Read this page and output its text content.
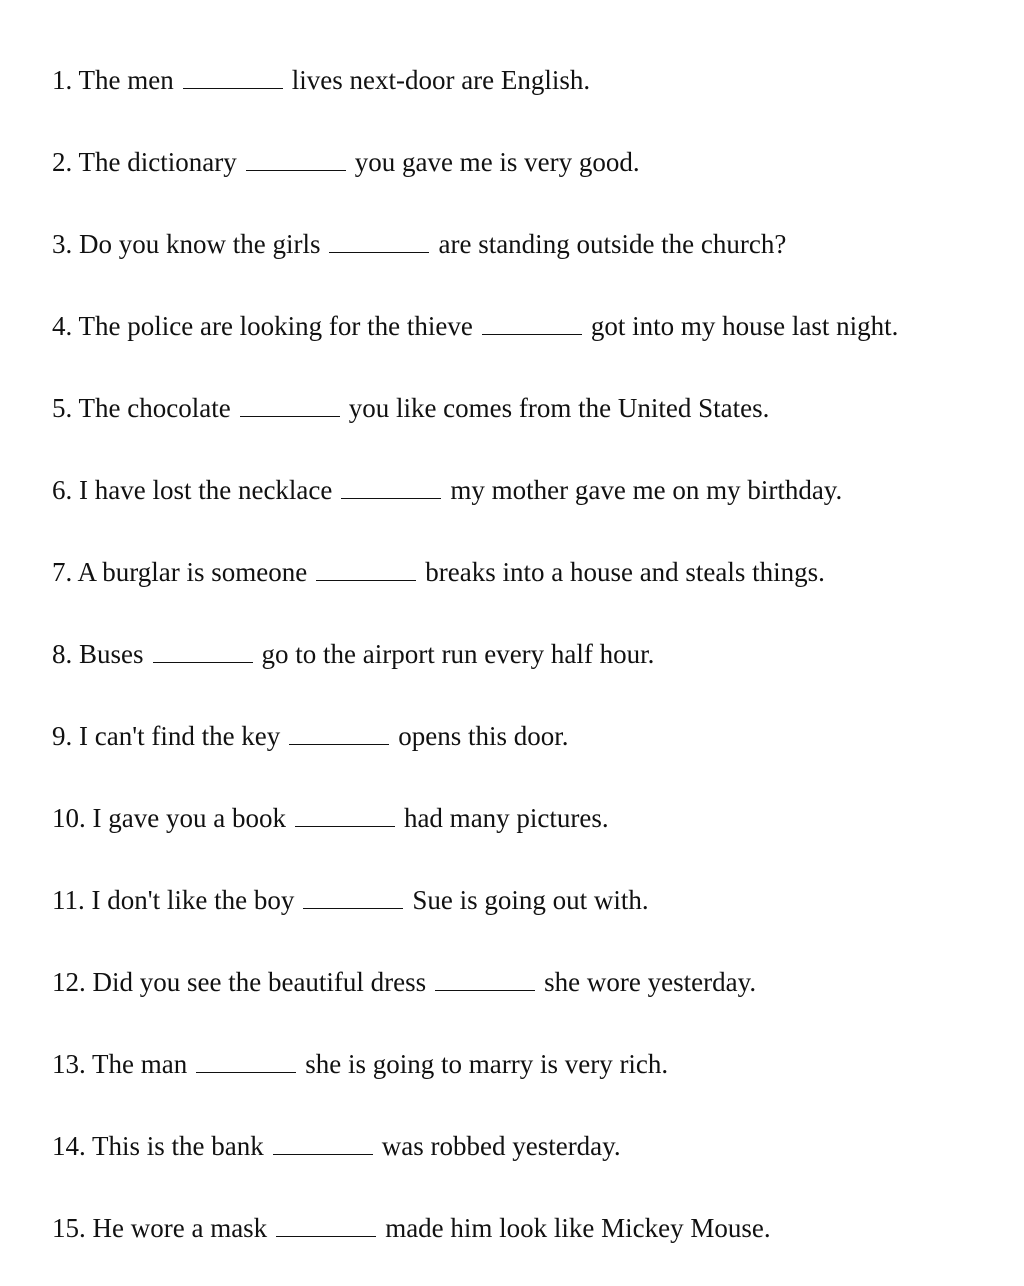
1. The men	lives next-door are English.
2. The dictionary	you gave me is very good.
3. Do you know the girls	are standing outside the church?
4. The police are looking for the thieve	got into my house last night.
5. The chocolate	you like comes from the United States.
6. I have lost the necklace	my mother gave me on my birthday.
7. A burglar is someone	breaks into a house and steals things.
8. Buses	go to the airport run every half hour.
9. I can't find the key	opens this door.
10. I gave you a book	had many pictures.
11. I don't like the boy	Sue is going out with.
12. Did you see the beautiful dress	she wore yesterday.
13. The man	she is going to marry is very rich.
14. This is the bank	was robbed yesterday.
15. He wore a mask	made him look like Mickey Mouse.
